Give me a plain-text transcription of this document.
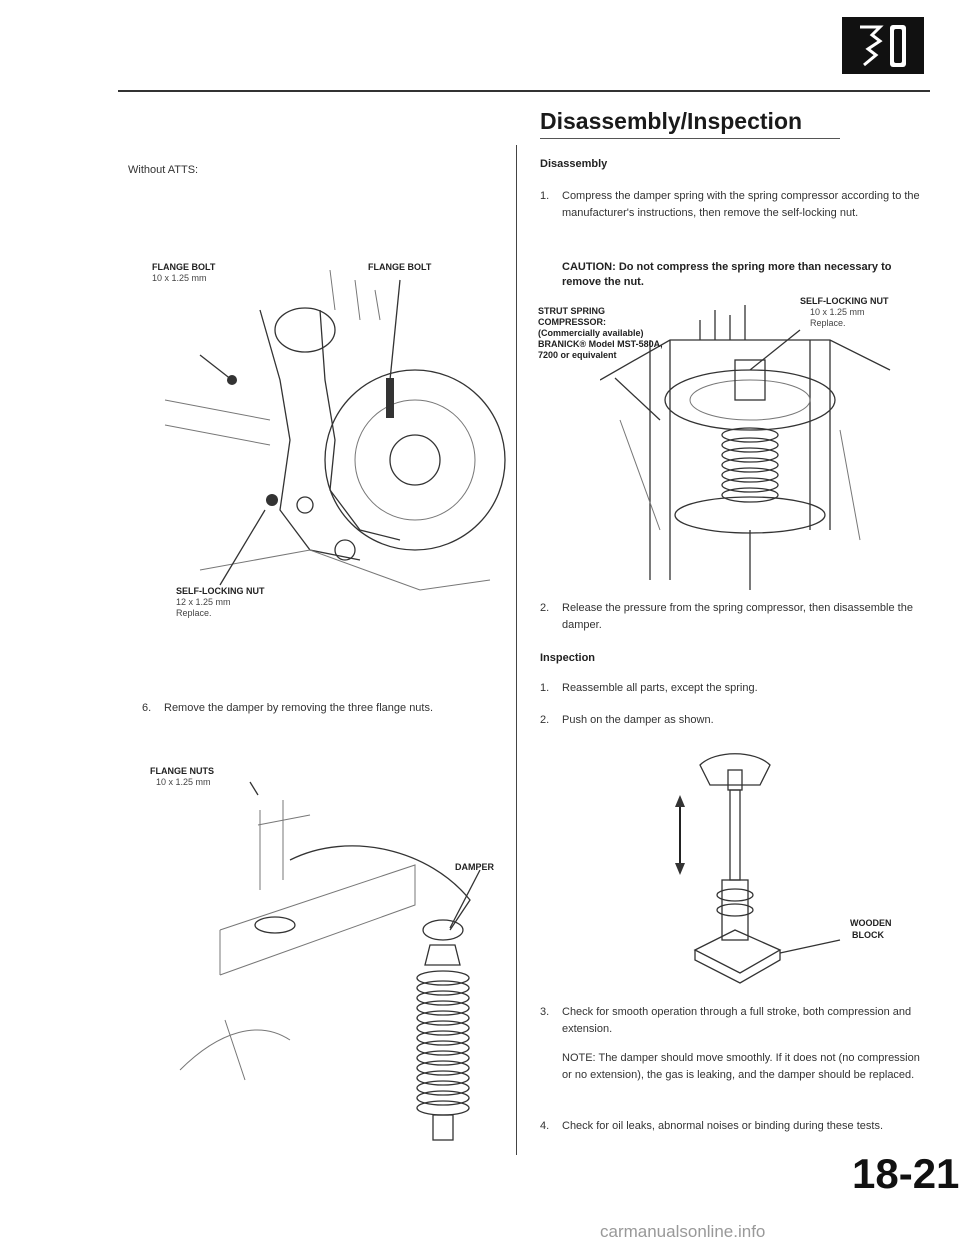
Disassembly/Inspection
Without ATTS:
FLANGE BOLT
10 x 1.25 mm
FLANGE BOLT
SELF-LOCKING NUT
12 x 1.25 mm
Replace.
6.	Remove the damper by removing the three flange nuts.
FLANGE NUTS
10 x 1.25 mm
DAMPER
Disassembly
1.	Compress the damper spring with the spring compressor according to the manufacturer's instructions, then remove the self-locking nut.
CAUTION: Do not compress the spring more than necessary to remove the nut.
STRUT SPRING
COMPRESSOR:
(Commercially available)
BRANICK® Model MST-580A,
7200 or equivalent
SELF-LOCKING NUT
10 x 1.25 mm
Replace.
2.	Release the pressure from the spring compressor, then disassemble the damper.
Inspection
1.	Reassemble all parts, except the spring.
2.	Push on the damper as shown.
WOODEN
BLOCK
3.	Check for smooth operation through a full stroke, both compression and extension.
NOTE: The damper should move smoothly. If it does not (no compression or no extension), the gas is leaking, and the damper should be replaced.
4.	Check for oil leaks, abnormal noises or binding during these tests.
18-21
carmanualsonline.info
